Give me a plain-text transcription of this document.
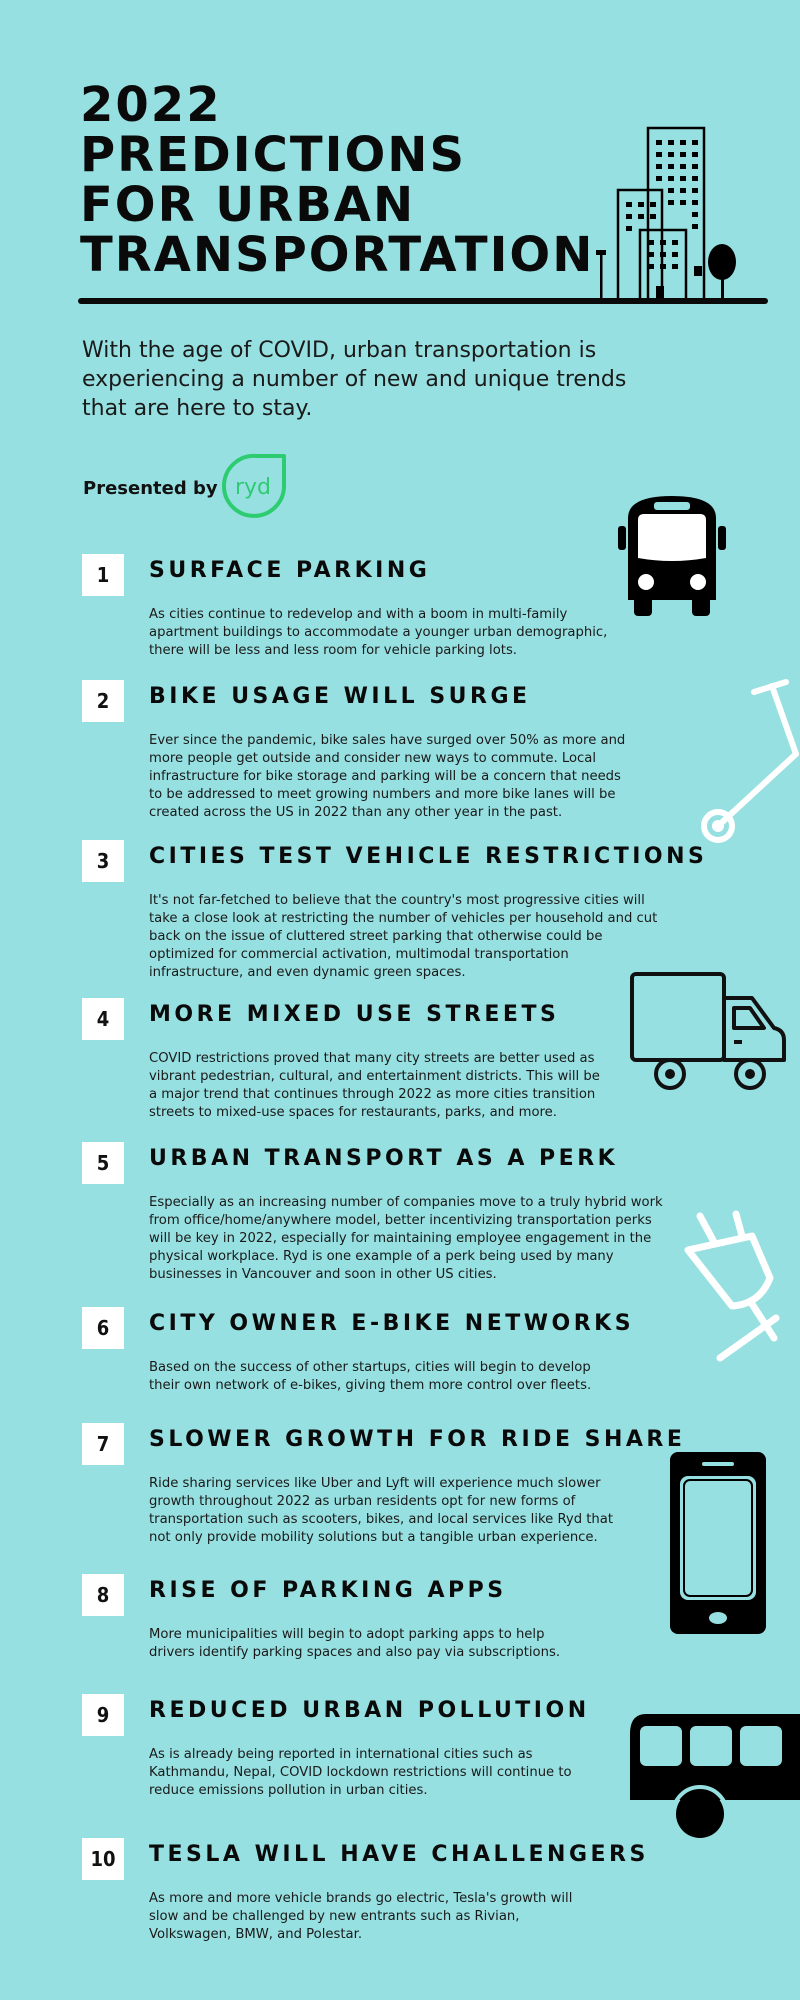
2022
PREDICTIONS
FOR URBAN
TRANSPORTATION
With the age of COVID, urban transportation is experiencing a number of new and unique trends that are here to stay.
Presented by ryd
1	SURFACE PARKING
As cities continue to redevelop and with a boom in multi-family apartment buildings to accommodate a younger urban demographic, there will be less and less room for vehicle parking lots.
2	BIKE USAGE WILL SURGE
Ever since the pandemic, bike sales have surged over 50% as more and more people get outside and consider new ways to commute. Local infrastructure for bike storage and parking will be a concern that needs to be addressed to meet growing numbers and more bike lanes will be created across the US in 2022 than any other year in the past.
3	CITIES TEST VEHICLE RESTRICTIONS
It's not far-fetched to believe that the country's most progressive cities will take a close look at restricting the number of vehicles per household and cut back on the issue of cluttered street parking that otherwise could be optimized for commercial activation, multimodal transportation infrastructure, and even dynamic green spaces.
4	MORE MIXED USE STREETS
COVID restrictions proved that many city streets are better used as vibrant pedestrian, cultural, and entertainment districts. This will be a major trend that continues through 2022 as more cities transition streets to mixed-use spaces for restaurants, parks, and more.
5	URBAN TRANSPORT AS A PERK
Especially as an increasing number of companies move to a truly hybrid work from office/home/anywhere model, better incentivizing transportation perks will be key in 2022, especially for maintaining employee engagement in the physical workplace. Ryd is one example of a perk being used by many businesses in Vancouver and soon in other US cities.
6	CITY OWNER E-BIKE NETWORKS
Based on the success of other startups, cities will begin to develop their own network of e-bikes, giving them more control over fleets.
7	SLOWER GROWTH FOR RIDE SHARE
Ride sharing services like Uber and Lyft will experience much slower growth throughout 2022 as urban residents opt for new forms of transportation such as scooters, bikes, and local services like Ryd that not only provide mobility solutions but a tangible urban experience.
8	RISE OF PARKING APPS
More municipalities will begin to adopt parking apps to help drivers identify parking spaces and also pay via subscriptions.
9	REDUCED URBAN POLLUTION
As is already being reported in international cities such as Kathmandu, Nepal, COVID lockdown restrictions will continue to reduce emissions pollution in urban cities.
10	TESLA WILL HAVE CHALLENGERS
As more and more vehicle brands go electric, Tesla's growth will slow and be challenged by new entrants such as Rivian, Volkswagen, BMW, and Polestar.
